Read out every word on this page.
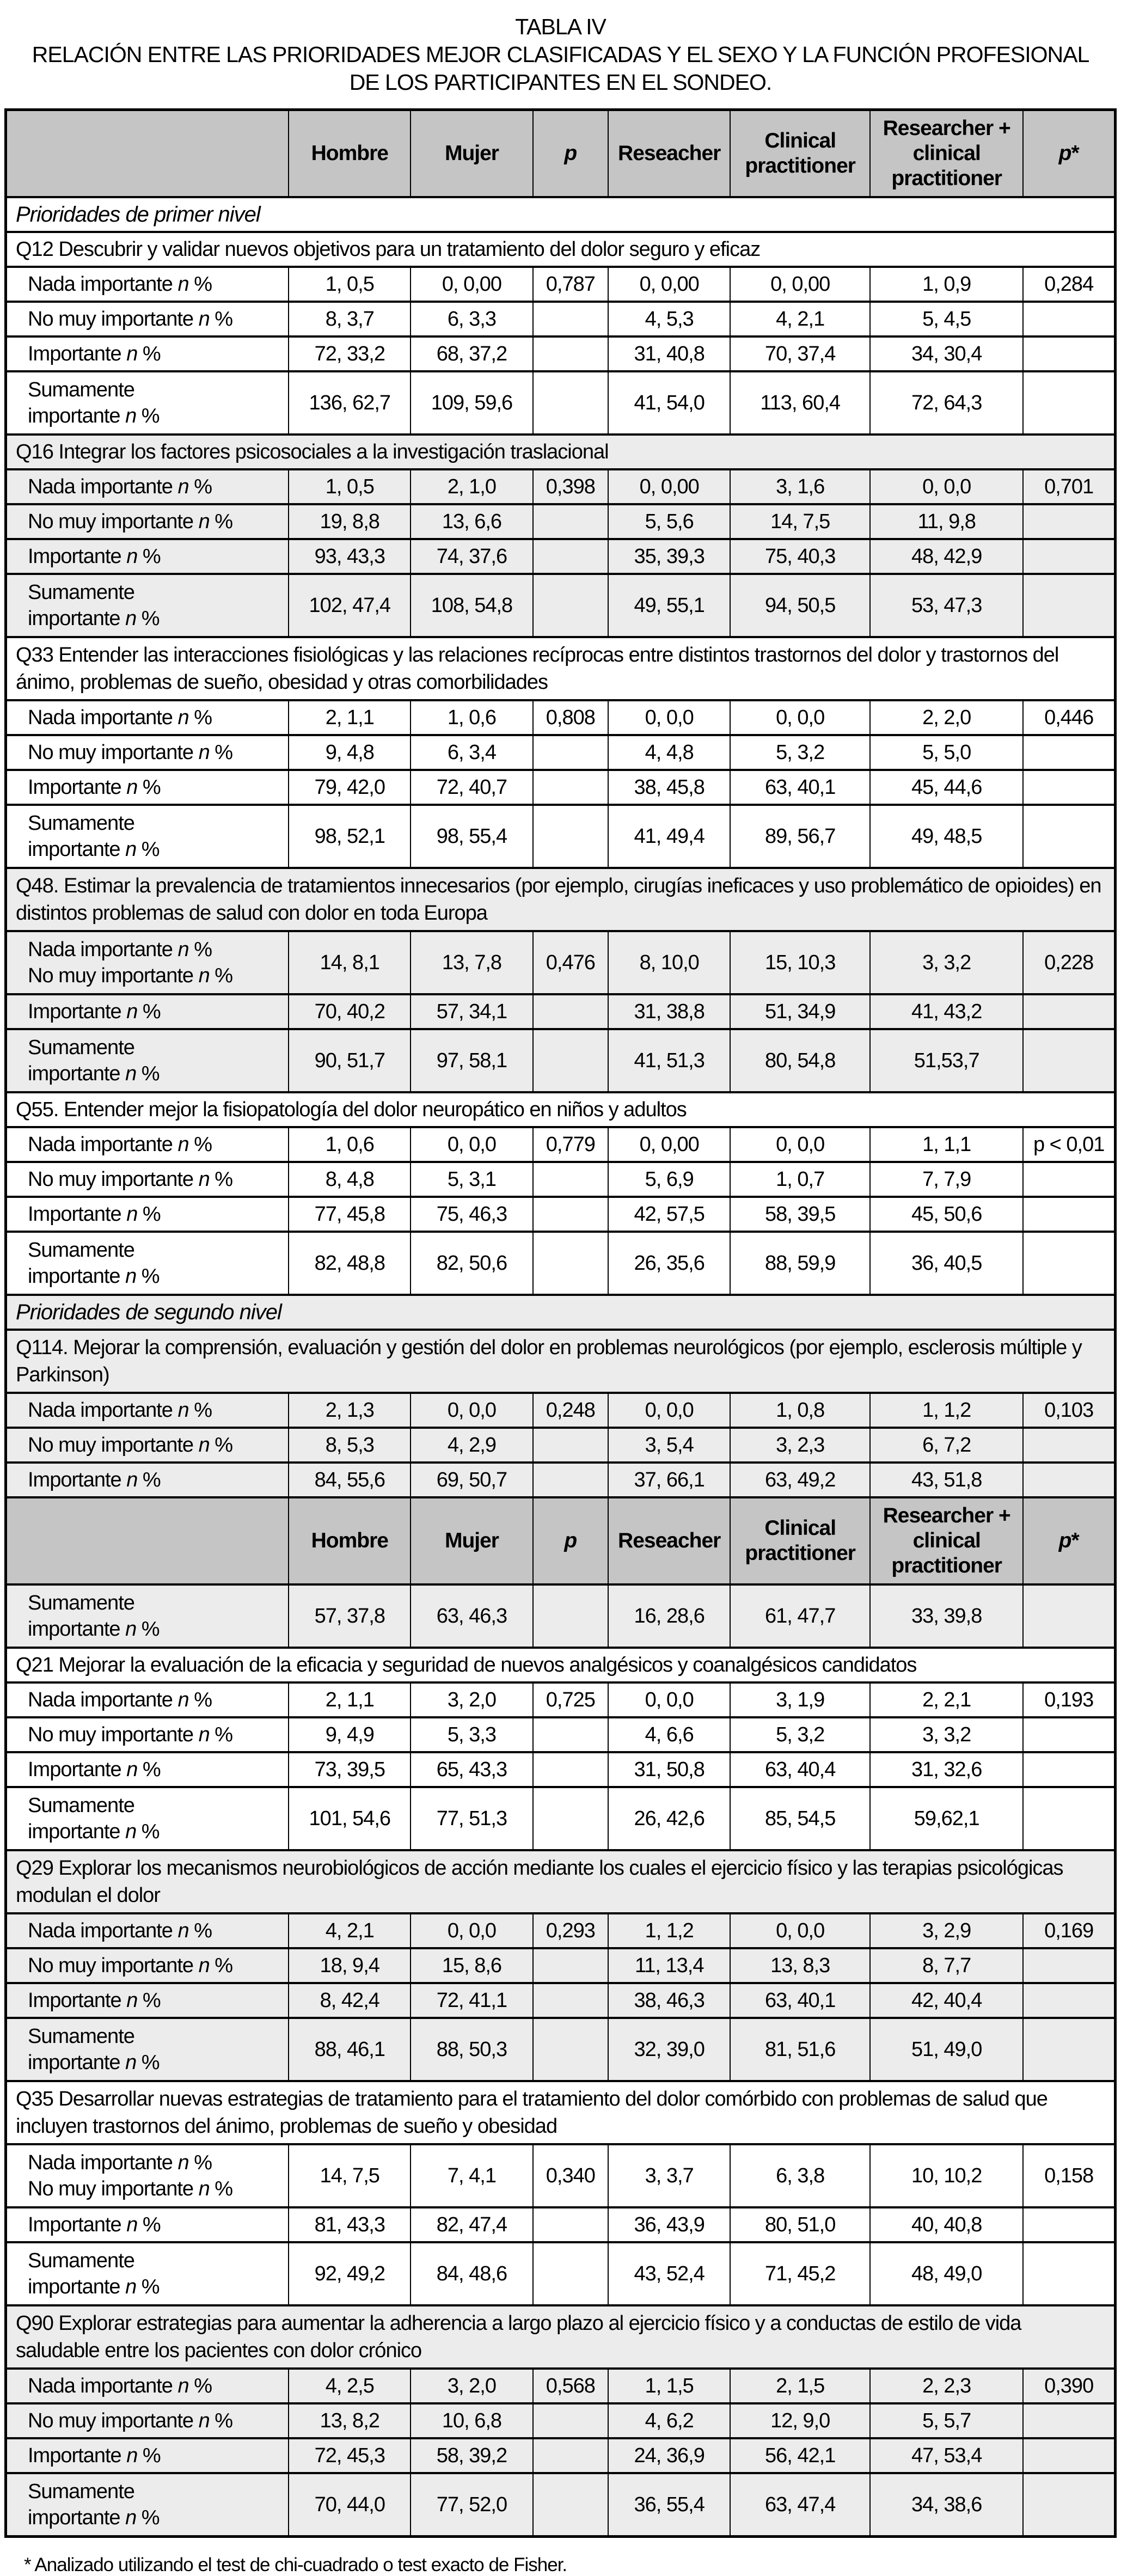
TABLA IV
RELACIÓN ENTRE LAS PRIORIDADES MEJOR CLASIFICADAS Y EL SEXO Y LA FUNCIÓN PROFESIONAL
DE LOS PARTICIPANTES EN EL SONDEO.
	Hombre	Mujer	p	Reseacher	Clinical practitioner	Researcher + clinical practitioner	p*
Prioridades de primer nivel							
Q12 Descubrir y validar nuevos objetivos para un tratamiento del dolor seguro y eficaz							

Nada importante n %	1, 0,5	0, 0,00	0,787	0, 0,00	0, 0,00	1, 0,9	0,284

No muy importante n %	8, 3,7	6, 3,3		4, 5,3	4, 2,1	5, 4,5	

Importante n %	72, 33,2	68, 37,2		31, 40,8	70, 37,4	34, 30,4	

Sumamente
importante n %	136, 62,7	109, 59,6		41, 54,0	113, 60,4	72, 64,3	
Q16 Integrar los factores psicosociales a la investigación traslacional							

Nada importante n %	1, 0,5	2, 1,0	0,398	0, 0,00	3, 1,6	0, 0,0	0,701

No muy importante n %	19, 8,8	13, 6,6		5, 5,6	14, 7,5	11, 9,8	

Importante n %	93, 43,3	74, 37,6		35, 39,3	75, 40,3	48, 42,9	

Sumamente
importante n %	102, 47,4	108, 54,8		49, 55,1	94, 50,5	53, 47,3	
Q33 Entender las interacciones fisiológicas y las relaciones recíprocas entre distintos trastornos del dolor y trastornos del ánimo, problemas de sueño, obesidad y otras comorbilidades							

Nada importante n %	2, 1,1	1, 0,6	0,808	0, 0,0	0, 0,0	2, 2,0	0,446

No muy importante n %	9, 4,8	6, 3,4		4, 4,8	5, 3,2	5, 5,0	

Importante n %	79, 42,0	72, 40,7		38, 45,8	63, 40,1	45, 44,6	

Sumamente
importante n %	98, 52,1	98, 55,4		41, 49,4	89, 56,7	49, 48,5	
Q48. Estimar la prevalencia de tratamientos innecesarios (por ejemplo, cirugías ineficaces y uso problemático de opioides) en distintos problemas de salud con dolor en toda Europa							

Nada importante n %
No muy importante n %	14, 8,1	13, 7,8	0,476	8, 10,0	15, 10,3	3, 3,2	0,228

Importante n %	70, 40,2	57, 34,1		31, 38,8	51, 34,9	41, 43,2	

Sumamente
importante n %	90, 51,7	97, 58,1		41, 51,3	80, 54,8	51,53,7	
Q55. Entender mejor la fisiopatología del dolor neuropático en niños y adultos							

Nada importante n %	1, 0,6	0, 0,0	0,779	0, 0,00	0, 0,0	1, 1,1	p < 0,01

No muy importante n %	8, 4,8	5, 3,1		5, 6,9	1, 0,7	7, 7,9	

Importante n %	77, 45,8	75, 46,3		42, 57,5	58, 39,5	45, 50,6	

Sumamente
importante n %	82, 48,8	82, 50,6		26, 35,6	88, 59,9	36, 40,5	
Prioridades de segundo nivel							
Q114. Mejorar la comprensión, evaluación y gestión del dolor en problemas neurológicos (por ejemplo, esclerosis múltiple y Parkinson)							

Nada importante n %	2, 1,3	0, 0,0	0,248	0, 0,0	1, 0,8	1, 1,2	0,103

No muy importante n %	8, 5,3	4, 2,9		3, 5,4	3, 2,3	6, 7,2	

Importante n %	84, 55,6	69, 50,7		37, 66,1	63, 49,2	43, 51,8	
	Hombre	Mujer	p	Reseacher	Clinical practitioner	Researcher + clinical practitioner	p*

Sumamente
importante n %	57, 37,8	63, 46,3		16, 28,6	61, 47,7	33, 39,8	
Q21 Mejorar la evaluación de la eficacia y seguridad de nuevos analgésicos y coanalgésicos candidatos							

Nada importante n %	2, 1,1	3, 2,0	0,725	0, 0,0	3, 1,9	2, 2,1	0,193

No muy importante n %	9, 4,9	5, 3,3		4, 6,6	5, 3,2	3, 3,2	

Importante n %	73, 39,5	65, 43,3		31, 50,8	63, 40,4	31, 32,6	

Sumamente
importante n %	101, 54,6	77, 51,3		26, 42,6	85, 54,5	59,62,1	
Q29 Explorar los mecanismos neurobiológicos de acción mediante los cuales el ejercicio físico y las terapias psicológicas modulan el dolor							

Nada importante n %	4, 2,1	0, 0,0	0,293	1, 1,2	0, 0,0	3, 2,9	0,169

No muy importante n %	18, 9,4	15, 8,6		11, 13,4	13, 8,3	8, 7,7	

Importante n %	8, 42,4	72, 41,1		38, 46,3	63, 40,1	42, 40,4	

Sumamente
importante n %	88, 46,1	88, 50,3		32, 39,0	81, 51,6	51, 49,0	
Q35 Desarrollar nuevas estrategias de tratamiento para el tratamiento del dolor comórbido con problemas de salud que incluyen trastornos del ánimo, problemas de sueño y obesidad							

Nada importante n %
No muy importante n %	14, 7,5	7, 4,1	0,340	3, 3,7	6, 3,8	10, 10,2	0,158

Importante n %	81, 43,3	82, 47,4		36, 43,9	80, 51,0	40, 40,8	

Sumamente
importante n %	92, 49,2	84, 48,6		43, 52,4	71, 45,2	48, 49,0	
Q90 Explorar estrategias para aumentar la adherencia a largo plazo al ejercicio físico y a conductas de estilo de vida saludable entre los pacientes con dolor crónico							

Nada importante n %	4, 2,5	3, 2,0	0,568	1, 1,5	2, 1,5	2, 2,3	0,390

No muy importante n %	13, 8,2	10, 6,8		4, 6,2	12, 9,0	5, 5,7	

Importante n %	72, 45,3	58, 39,2		24, 36,9	56, 42,1	47, 53,4	

Sumamente
importante n %	70, 44,0	77, 52,0		36, 55,4	63, 47,4	34, 38,6	
* Analizado utilizando el test de chi-cuadrado o test exacto de Fisher.
